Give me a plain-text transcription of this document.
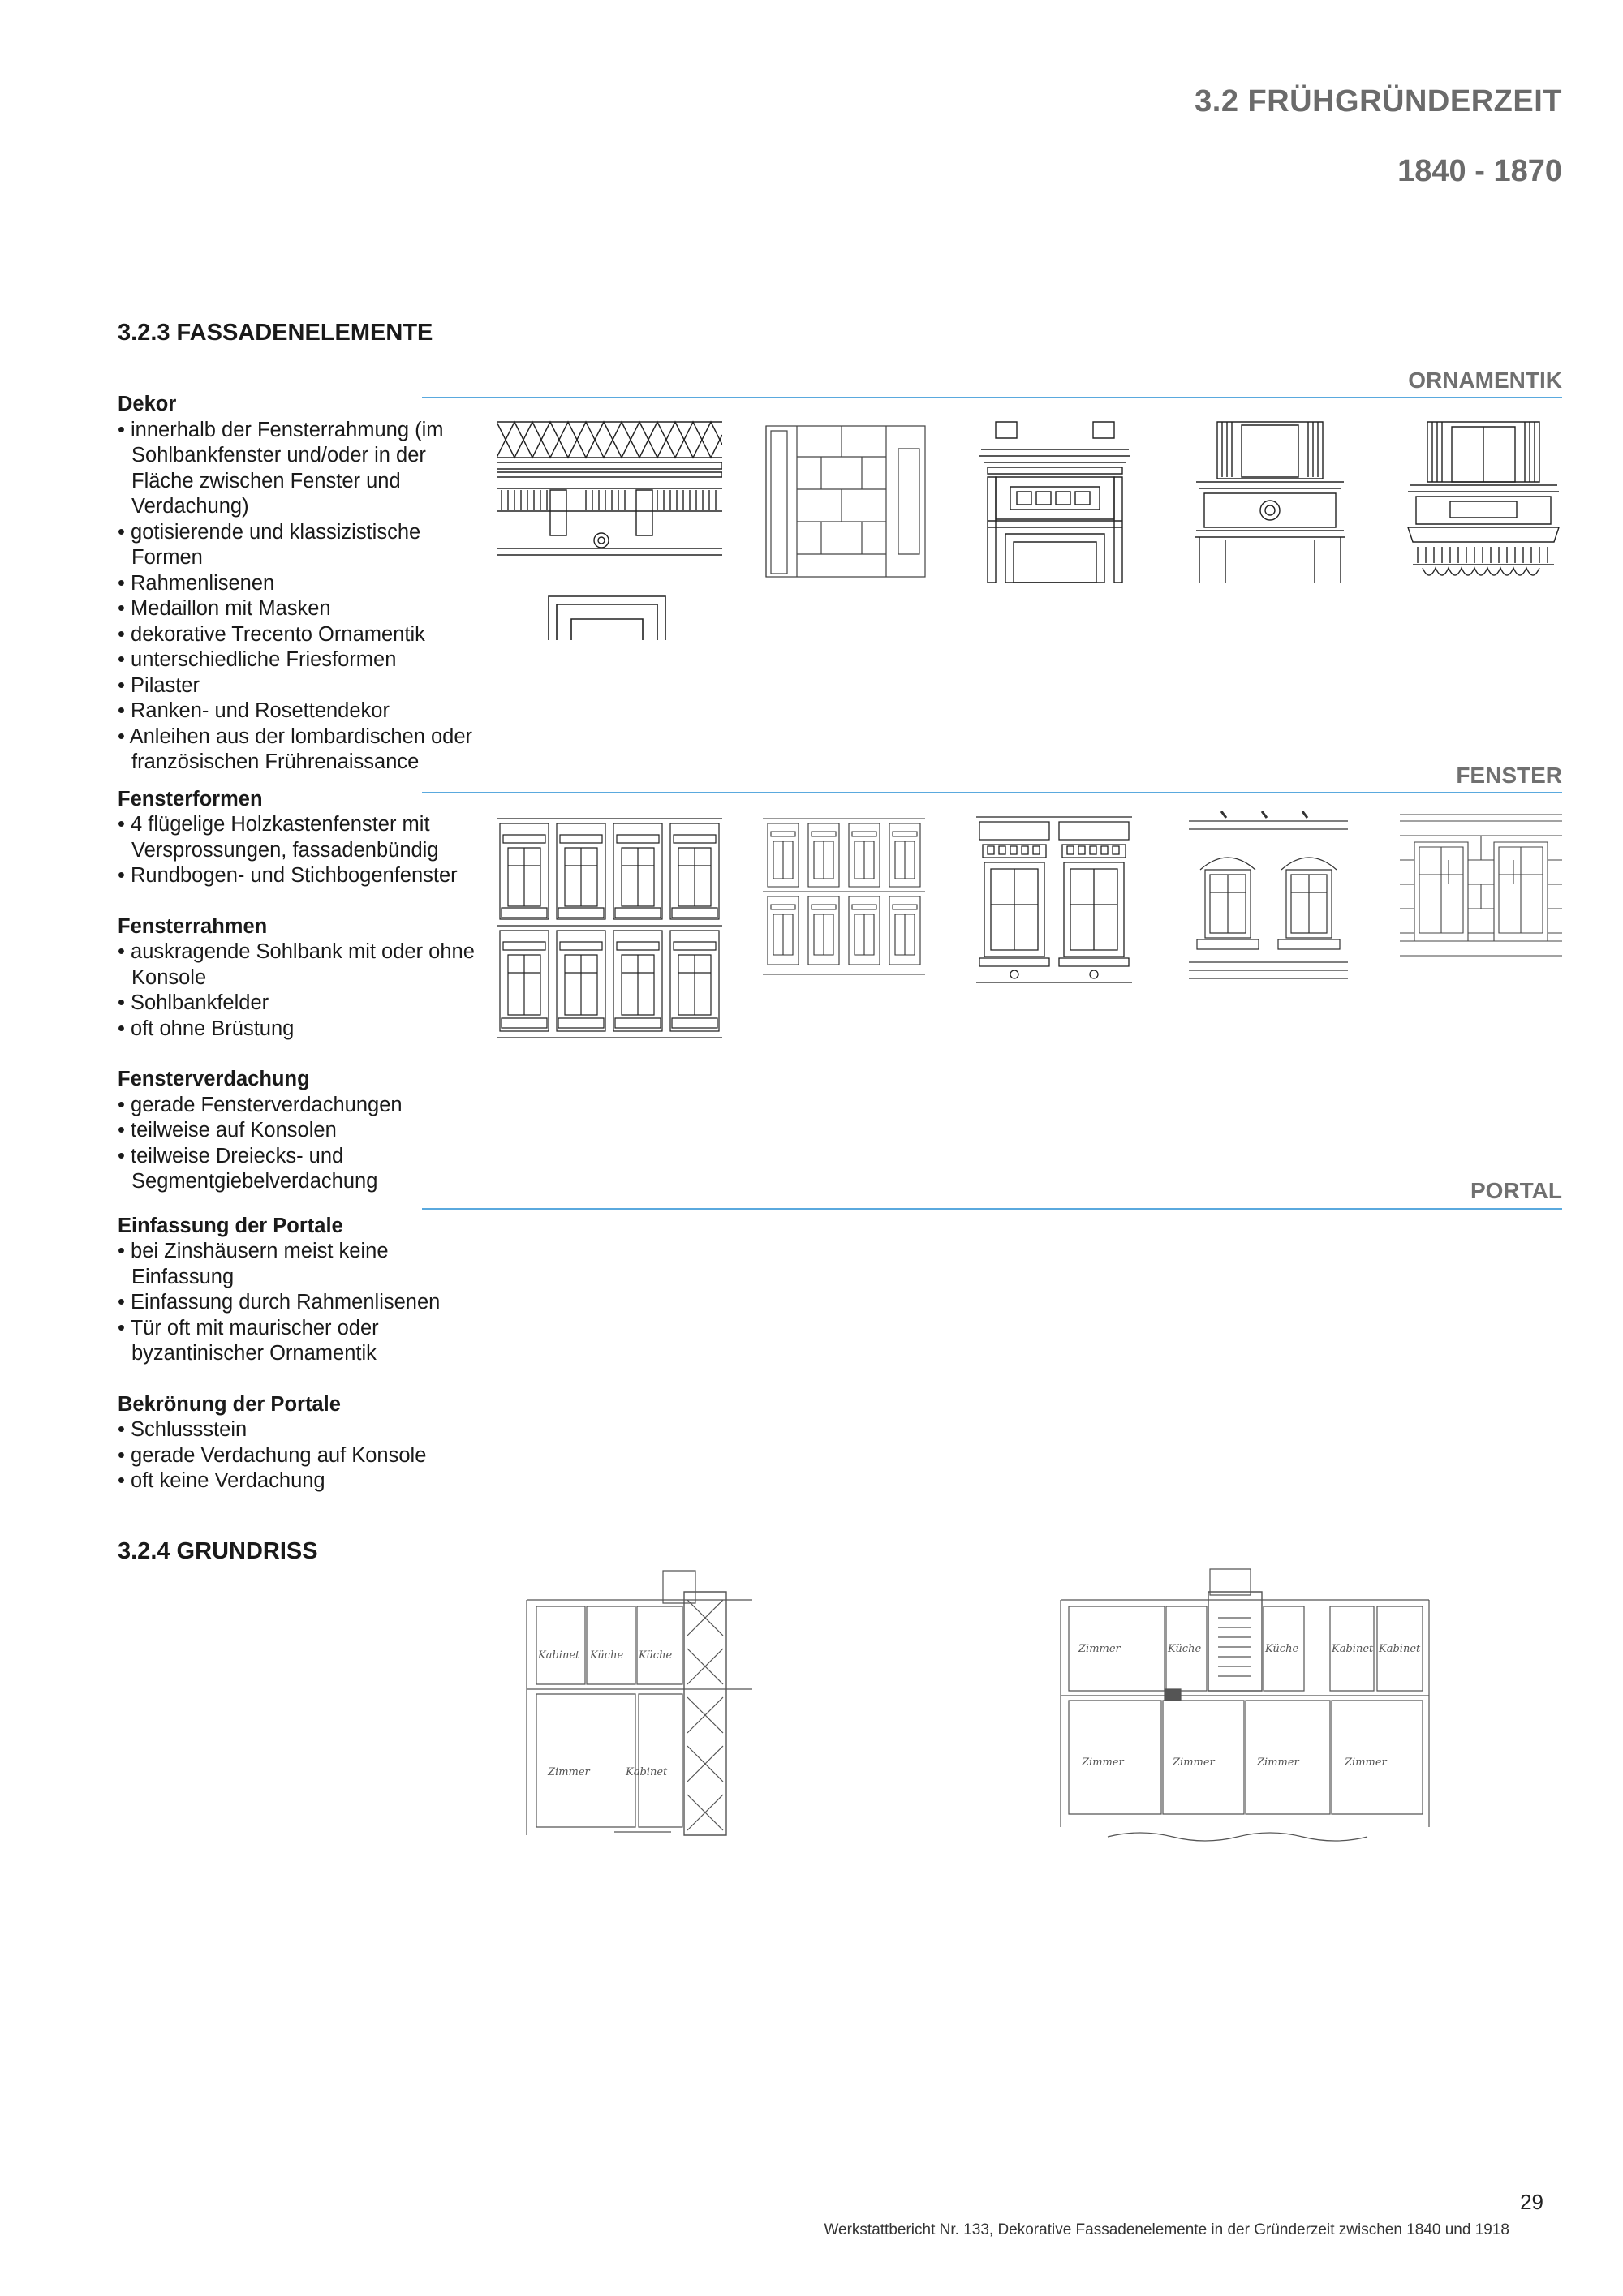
3.2 FRÜHGRÜNDERZEIT
1840 - 1870
3.2.3 FASSADENELEMENTE
ORNAMENTIK
FENSTER
PORTAL
Dekor
• innerhalb der Fensterrahmung (im Sohlbankfenster und/oder in der Fläche zwischen Fenster und Verdachung)
• gotisierende und klassizistische Formen
• Rahmenlisenen
• Medaillon mit Masken
• dekorative Trecento Ornamentik
• unterschiedliche Friesformen
• Pilaster
• Ranken- und Rosettendekor
• Anleihen aus der lombardischen oder französischen Frührenaissance
Fensterformen
• 4 flügelige Holzkastenfenster mit Versprossungen, fassadenbündig
• Rundbogen- und Stichbogenfenster
Fensterrahmen
• auskragende Sohlbank mit oder ohne Konsole
• Sohlbankfelder
• oft ohne Brüstung
Fensterverdachung
• gerade Fensterverdachungen
• teilweise auf Konsolen
• teilweise Dreiecks- und Segmentgiebelverdachung
Einfassung der Portale
• bei Zinshäusern meist keine Einfassung
• Einfassung durch Rahmenlisenen
• Tür oft mit maurischer oder byzantinischer Ornamentik
Bekrönung der Portale
• Schlussstein
• gerade Verdachung auf Konsole
• oft keine Verdachung
3.2.4 GRUNDRISS
Kabinet Küche Küche
Zimmer	Kabinet
Zimmer	Küche	Küche	Kabinet Kabinet
Zimmer	Zimmer	Zimmer	Zimmer
29
Werkstattbericht Nr. 133, Dekorative Fassadenelemente in der Gründerzeit zwischen 1840 und 1918
